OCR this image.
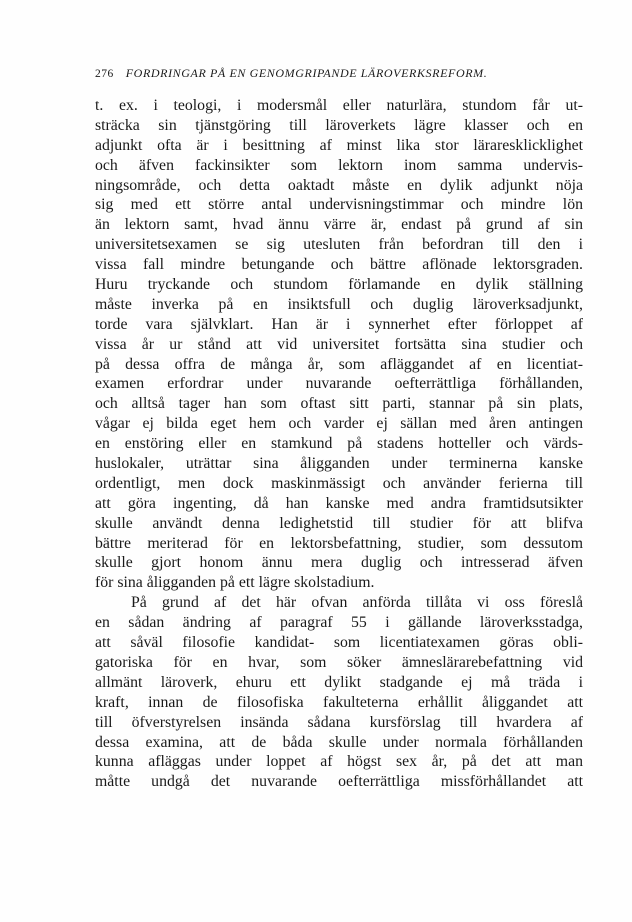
276 FORDRINGAR PÅ EN GENOMGRIPANDE LÄROVERKSREFORM.
t. ex. i teologi, i modersmål eller naturlära, stundom får ut-
sträcka sin tjänstgöring till läroverkets lägre klasser och en
adjunkt ofta är i besittning af minst lika stor läraresklicklighet
och äfven fackinsikter som lektorn inom samma undervis-
ningsområde, och detta oaktadt måste en dylik adjunkt nöja
sig med ett större antal undervisningstimmar och mindre lön
än lektorn samt, hvad ännu värre är, endast på grund af sin
universitetsexamen se sig utesluten från befordran till den i
vissa fall mindre betungande och bättre aflönade lektorsgraden.
Huru tryckande och stundom förlamande en dylik ställning
måste inverka på en insiktsfull och duglig läroverksadjunkt,
torde vara självklart. Han är i synnerhet efter förloppet af
vissa år ur stånd att vid universitet fortsätta sina studier och
på dessa offra de många år, som afläggandet af en licentiat-
examen erfordrar under nuvarande oefterrättliga förhållanden,
och alltså tager han som oftast sitt parti, stannar på sin plats,
vågar ej bilda eget hem och varder ej sällan med åren antingen
en enstöring eller en stamkund på stadens hotteller och värds-
huslokaler, uträttar sina åligganden under terminerna kanske
ordentligt, men dock maskinmässigt och använder ferierna till
att göra ingenting, då han kanske med andra framtidsutsikter
skulle användt denna ledighetstid till studier för att blifva
bättre meriterad för en lektorsbefattning, studier, som dessutom
skulle gjort honom ännu mera duglig och intresserad äfven
för sina åligganden på ett lägre skolstadium.
På grund af det här ofvan anförda tillåta vi oss föreslå
en sådan ändring af paragraf 55 i gällande läroverksstadga,
att såväl filosofie kandidat- som licentiatexamen göras obli-
gatoriska för en hvar, som söker ämneslärarebefattning vid
allmänt läroverk, ehuru ett dylikt stadgande ej må träda i
kraft, innan de filosofiska fakulteterna erhållit åliggandet att
till öfverstyrelsen insända sådana kursförslag till hvardera af
dessa examina, att de båda skulle under normala förhållanden
kunna afläggas under loppet af högst sex år, på det att man
måtte undgå det nuvarande oefterrättliga missförhållandet att
